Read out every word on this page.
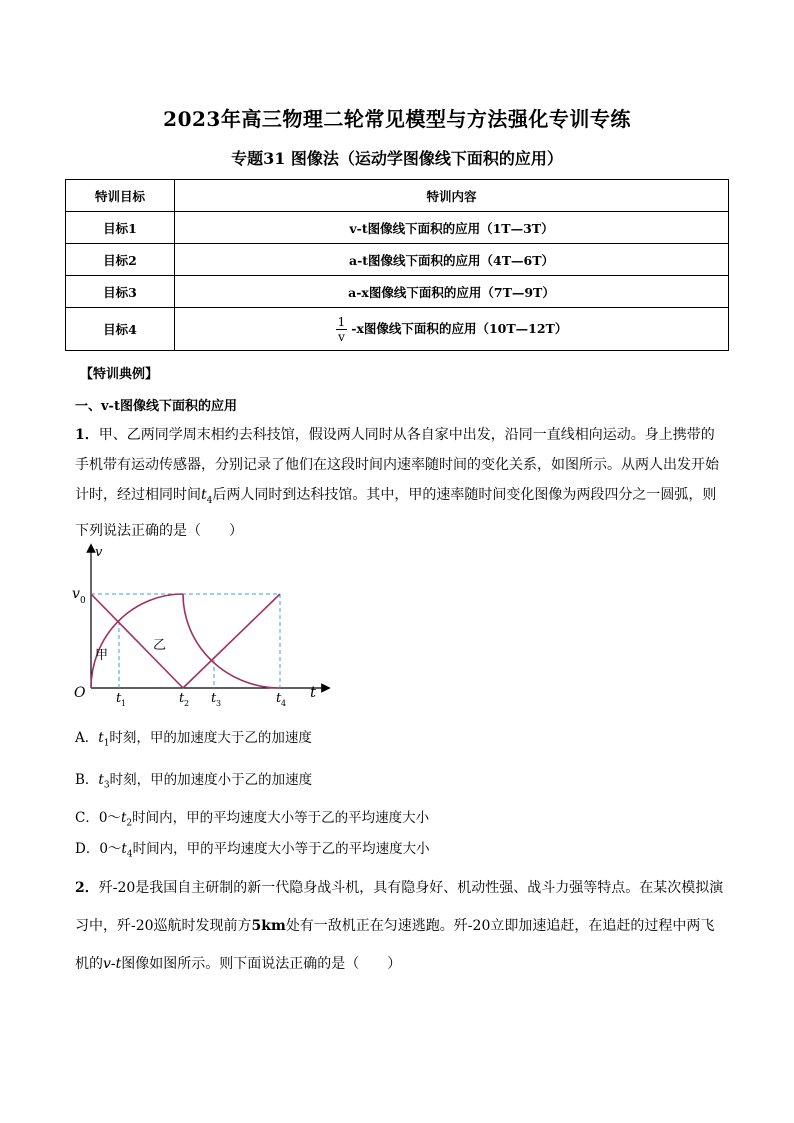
2023年高三物理二轮常见模型与方法强化专训专练
专题31 图像法（运动学图像线下面积的应用）
特训目标	特训内容
目标1	v-t图像线下面积的应用（1T—3T）
目标2	a-t图像线下面积的应用（4T—6T）
目标3	a-x图像线下面积的应用（7T—9T）
目标4	$\frac{1}{v} -x$图像线下面积的应用（10T—12T）
【特训典例】
一、v-t图像线下面积的应用
1．甲、乙两同学周末相约去科技馆，假设两人同时从各自家中出发，沿同一直线相向运动。身上携带的手机带有运动传感器，分别记录了他们在这段时间内速率随时间的变化关系，如图所示。从两人出发开始计时，经过相同时间$t_4$后两人同时到达科技馆。其中，甲的速率随时间变化图像为两段四分之一圆弧，则下列说法正确的是（　　）
v
t
O
v 0
t 1	t 2 t 3	t 4
甲
乙
A．$t_1$时刻，甲的加速度大于乙的加速度
B．$t_3$时刻，甲的加速度小于乙的加速度
C．$0\sim t_2$时间内，甲的平均速度大小等于乙的平均速度大小
D．$0\sim t_4$时间内，甲的平均速度大小等于乙的平均速度大小
2．歼-20是我国自主研制的新一代隐身战斗机，具有隐身好、机动性强、战斗力强等特点。在某次模拟演习中，歼-20巡航时发现前方5km处有一敌机正在匀速逃跑。歼-20立即加速追赶，在追赶的过程中两飞机的v-t图像如图所示。则下面说法正确的是（　　）
